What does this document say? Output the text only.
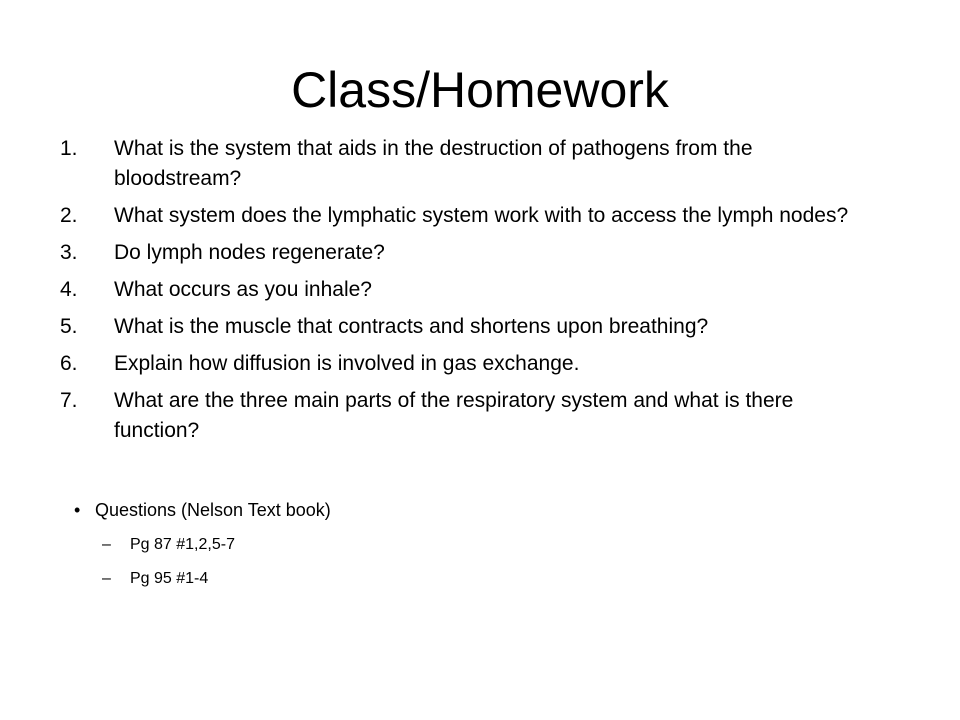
Class/Homework
1.	What is the system that aids in the destruction of pathogens from the bloodstream?
2.	What system does the lymphatic system work with to access the lymph nodes?
3.	Do lymph nodes regenerate?
4.	What occurs as you inhale?
5.	What is the muscle that contracts and shortens upon breathing?
6.	Explain how diffusion is involved in gas exchange.
7.	What are the three main parts of the respiratory system and what is there function?
• Questions (Nelson Text book)
–	Pg 87 #1,2,5-7
–	Pg 95 #1-4
